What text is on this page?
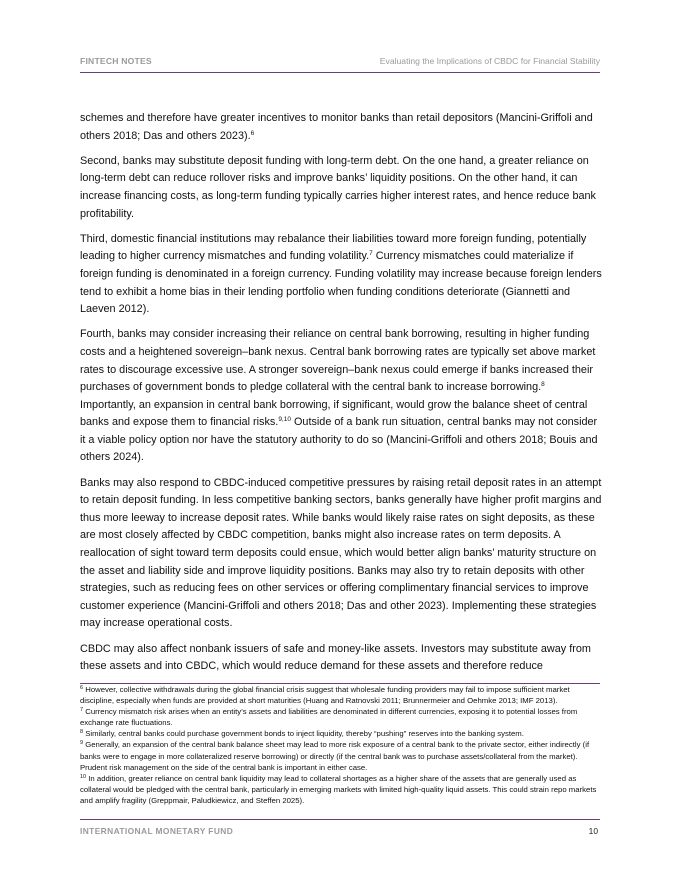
FINTECH NOTES	Evaluating the Implications of CBDC for Financial Stability

schemes and therefore have greater incentives to monitor banks than retail depositors (Mancini-Griffoli and others 2018; Das and others 2023).$^6$

Second, banks may substitute deposit funding with long-term debt. On the one hand, a greater reliance on long-term debt can reduce rollover risks and improve banks’ liquidity positions. On the other hand, it can increase financing costs, as long-term funding typically carries higher interest rates, and hence reduce bank profitability.

Third, domestic financial institutions may rebalance their liabilities toward more foreign funding, potentially leading to higher currency mismatches and funding volatility.$^7$ Currency mismatches could materialize if foreign funding is denominated in a foreign currency. Funding volatility may increase because foreign lenders tend to exhibit a home bias in their lending portfolio when funding conditions deteriorate (Giannetti and Laeven 2012).

Fourth, banks may consider increasing their reliance on central bank borrowing, resulting in higher funding costs and a heightened sovereign–bank nexus. Central bank borrowing rates are typically set above market rates to discourage excessive use. A stronger sovereign–bank nexus could emerge if banks increased their purchases of government bonds to pledge collateral with the central bank to increase borrowing.$^8$ Importantly, an expansion in central bank borrowing, if significant, would grow the balance sheet of central banks and expose them to financial risks.$^{9,10}$ Outside of a bank run situation, central banks may not consider it a viable policy option nor have the statutory authority to do so (Mancini-Griffoli and others 2018; Bouis and others 2024).

Banks may also respond to CBDC-induced competitive pressures by raising retail deposit rates in an attempt to retain deposit funding. In less competitive banking sectors, banks generally have higher profit margins and thus more leeway to increase deposit rates. While banks would likely raise rates on sight deposits, as these are most closely affected by CBDC competition, banks might also increase rates on term deposits. A reallocation of sight toward term deposits could ensue, which would better align banks’ maturity structure on the asset and liability side and improve liquidity positions. Banks may also try to retain deposits with other strategies, such as reducing fees on other services or offering complimentary financial services to improve customer experience (Mancini-Griffoli and others 2018; Das and other 2023). Implementing these strategies may increase operational costs.

CBDC may also affect nonbank issuers of safe and money-like assets. Investors may substitute away from these assets and into CBDC, which would reduce demand for these assets and therefore reduce

$^6$ However, collective withdrawals during the global financial crisis suggest that wholesale funding providers may fail to impose sufficient market discipline, especially when funds are provided at short maturities (Huang and Ratnovski 2011; Brunnermeier and Oehmke 2013; IMF 2013).

$^7$ Currency mismatch risk arises when an entity’s assets and liabilities are denominated in different currencies, exposing it to potential losses from exchange rate fluctuations.

$^8$ Similarly, central banks could purchase government bonds to inject liquidity, thereby “pushing” reserves into the banking system.

$^9$ Generally, an expansion of the central bank balance sheet may lead to more risk exposure of a central bank to the private sector, either indirectly (if banks were to engage in more collateralized reserve borrowing) or directly (if the central bank was to purchase assets/collateral from the market). Prudent risk management on the side of the central bank is important in either case.

$^{10}$ In addition, greater reliance on central bank liquidity may lead to collateral shortages as a higher share of the assets that are generally used as collateral would be pledged with the central bank, particularly in emerging markets with limited high-quality liquid assets. This could strain repo markets and amplify fragility (Greppmair, Paludkiewicz, and Steffen 2025).

INTERNATIONAL MONETARY FUND	10
